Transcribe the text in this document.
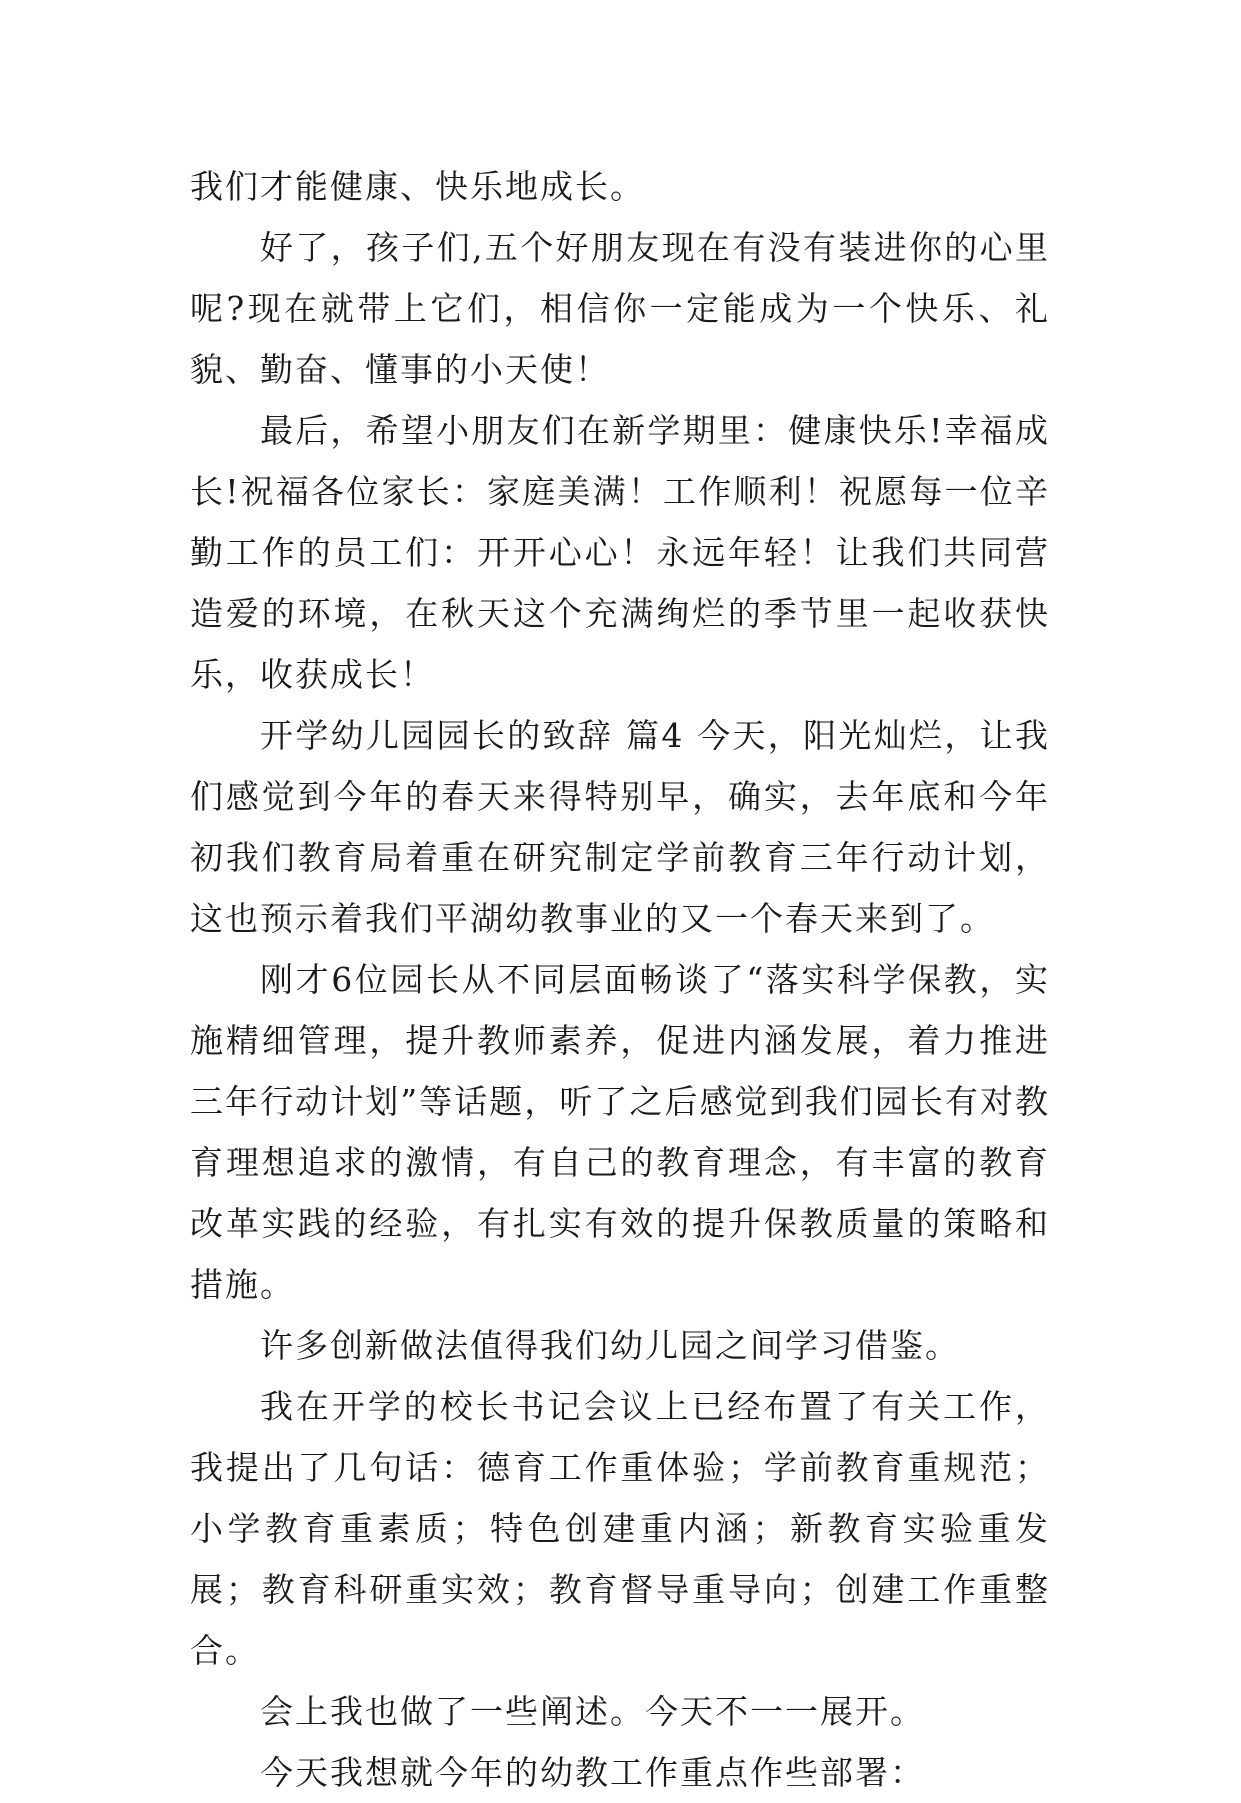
我们才能健康、快乐地成长。

好了，孩子们,五个好朋友现在有没有装进你的心里呢?现在就带上它们，相信你一定能成为一个快乐、礼貌、勤奋、懂事的小天使！

最后，希望小朋友们在新学期里：健康快乐!幸福成长!祝福各位家长：家庭美满！工作顺利！祝愿每一位辛勤工作的员工们：开开心心！永远年轻！让我们共同营造爱的环境，在秋天这个充满绚烂的季节里一起收获快乐，收获成长！

开学幼儿园园长的致辞 篇4 今天，阳光灿烂，让我们感觉到今年的春天来得特别早，确实，去年底和今年初我们教育局着重在研究制定学前教育三年行动计划，这也预示着我们平湖幼教事业的又一个春天来到了。

刚才6位园长从不同层面畅谈了“落实科学保教，实施精细管理，提升教师素养，促进内涵发展，着力推进三年行动计划”等话题，听了之后感觉到我们园长有对教育理想追求的激情，有自己的教育理念，有丰富的教育改革实践的经验，有扎实有效的提升保教质量的策略和措施。

许多创新做法值得我们幼儿园之间学习借鉴。

我在开学的校长书记会议上已经布置了有关工作，我提出了几句话：德育工作重体验；学前教育重规范；小学教育重素质；特色创建重内涵；新教育实验重发展；教育科研重实效；教育督导重导向；创建工作重整合。

会上我也做了一些阐述。今天不一一展开。

今天我想就今年的幼教工作重点作些部署：
